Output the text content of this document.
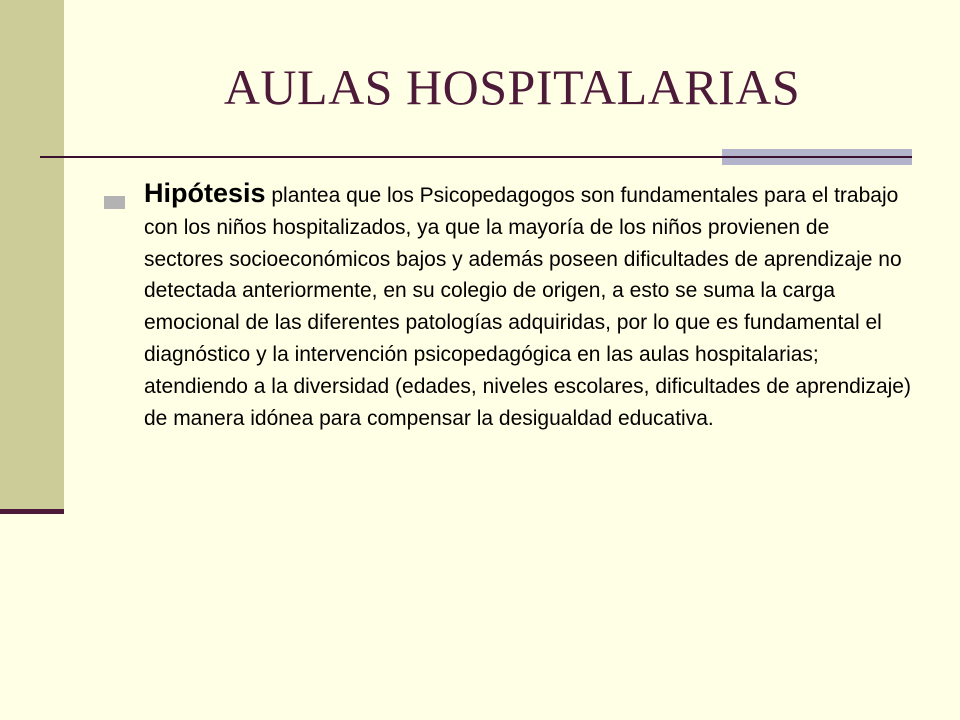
AULAS HOSPITALARIAS

Hipótesis plantea que los Psicopedagogos son fundamentales para el trabajo con los niños hospitalizados, ya que la mayoría de los niños provienen de sectores socioeconómicos bajos y además poseen dificultades de aprendizaje no detectada anteriormente, en su colegio de origen, a esto se suma la carga emocional de las diferentes patologías adquiridas, por lo que es fundamental el diagnóstico y la intervención psicopedagógica en las aulas hospitalarias; atendiendo a la diversidad (edades, niveles escolares, dificultades de aprendizaje) de manera idónea para compensar la desigualdad educativa.
